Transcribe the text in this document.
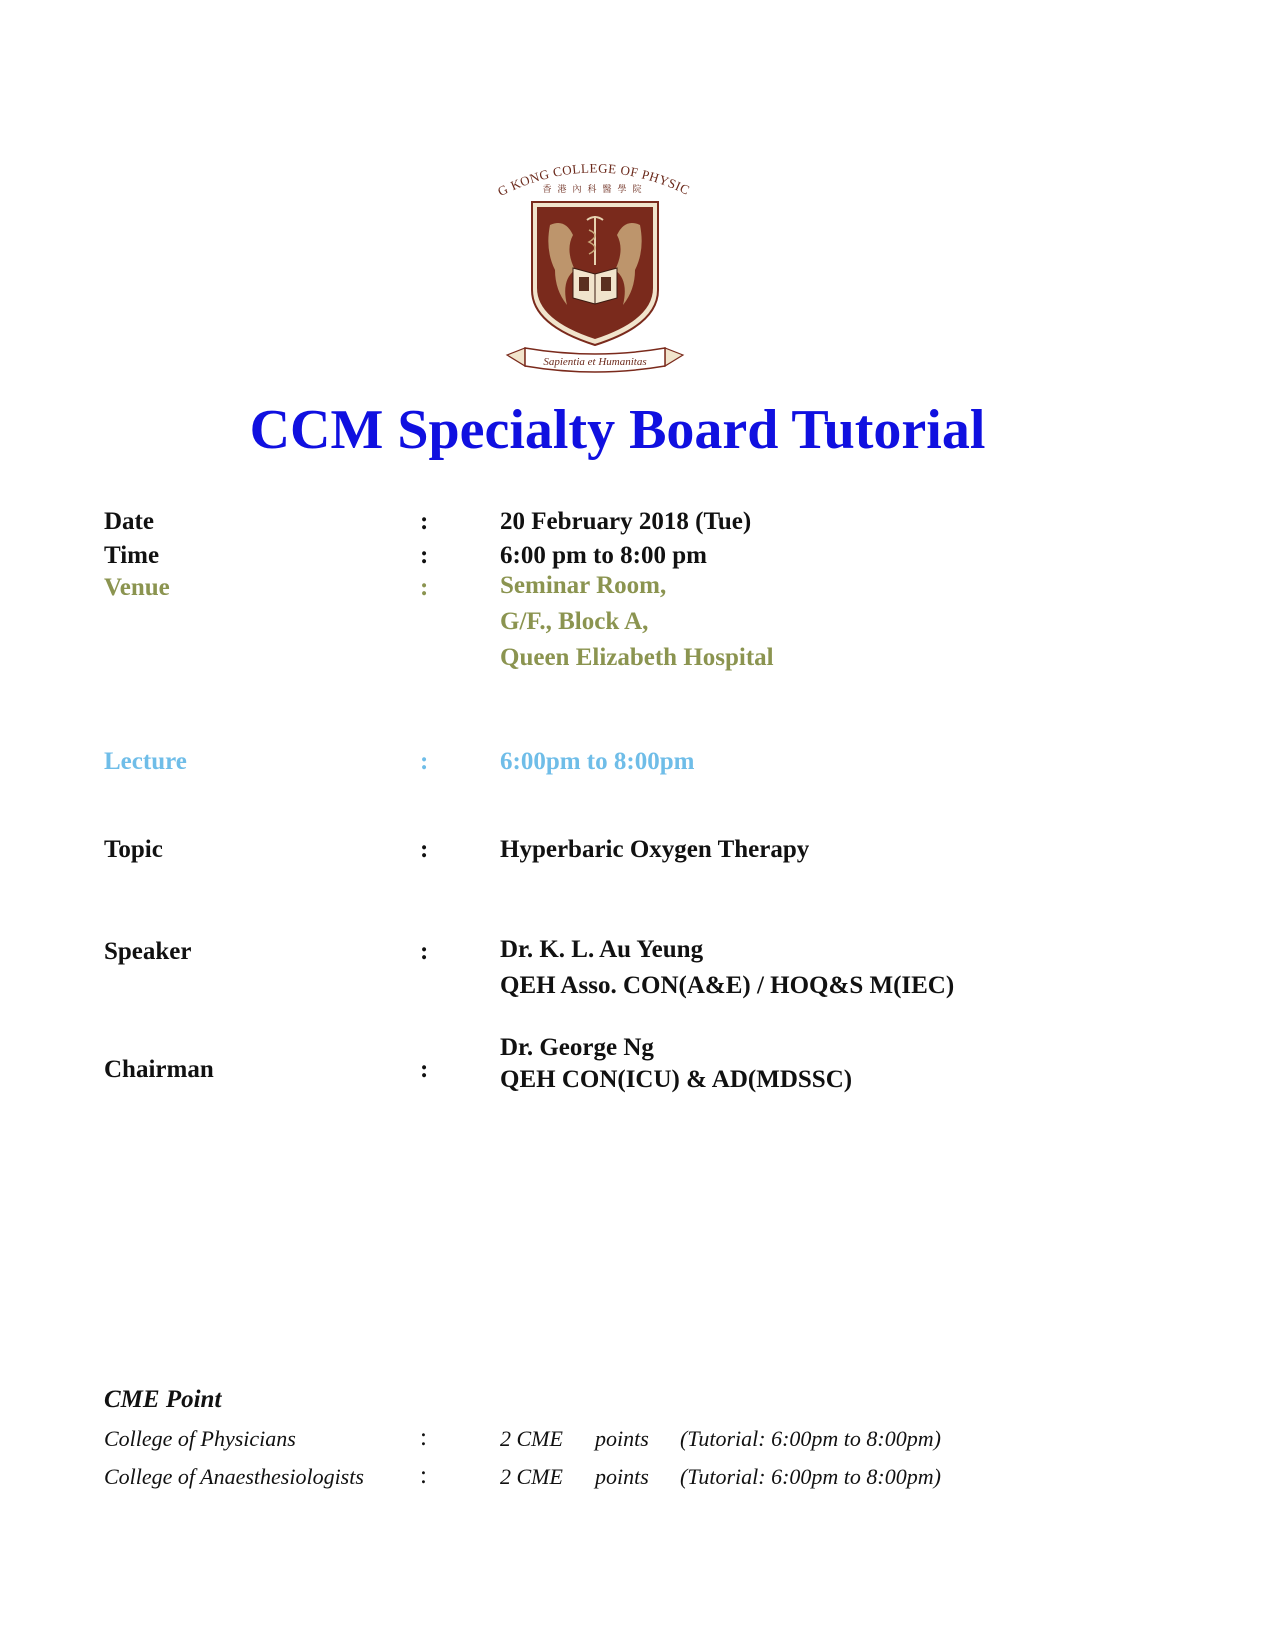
G KONG COLLEGE OF PHYSIC
香港內科醫學院
Sapientia et Humanitas
CCM Specialty Board Tutorial
Date	:	20 February 2018 (Tue)
Time	:	6:00 pm to 8:00 pm
Venue	:	Seminar Room,
G/F., Block A,
Queen Elizabeth Hospital
Lecture	:	6:00pm to 8:00pm
Topic	:	Hyperbaric Oxygen Therapy
Speaker	:	Dr. K. L. Au Yeung
QEH Asso. CON(A&E) / HOQ&S M(IEC)
Chairman	:
Dr. George Ng
QEH CON(ICU) & AD(MDSSC)
CME Point
College of Physicians	:	2 CME points (Tutorial: 6:00pm to 8:00pm)
College of Anaesthesiologists :	2 CME points (Tutorial: 6:00pm to 8:00pm)
